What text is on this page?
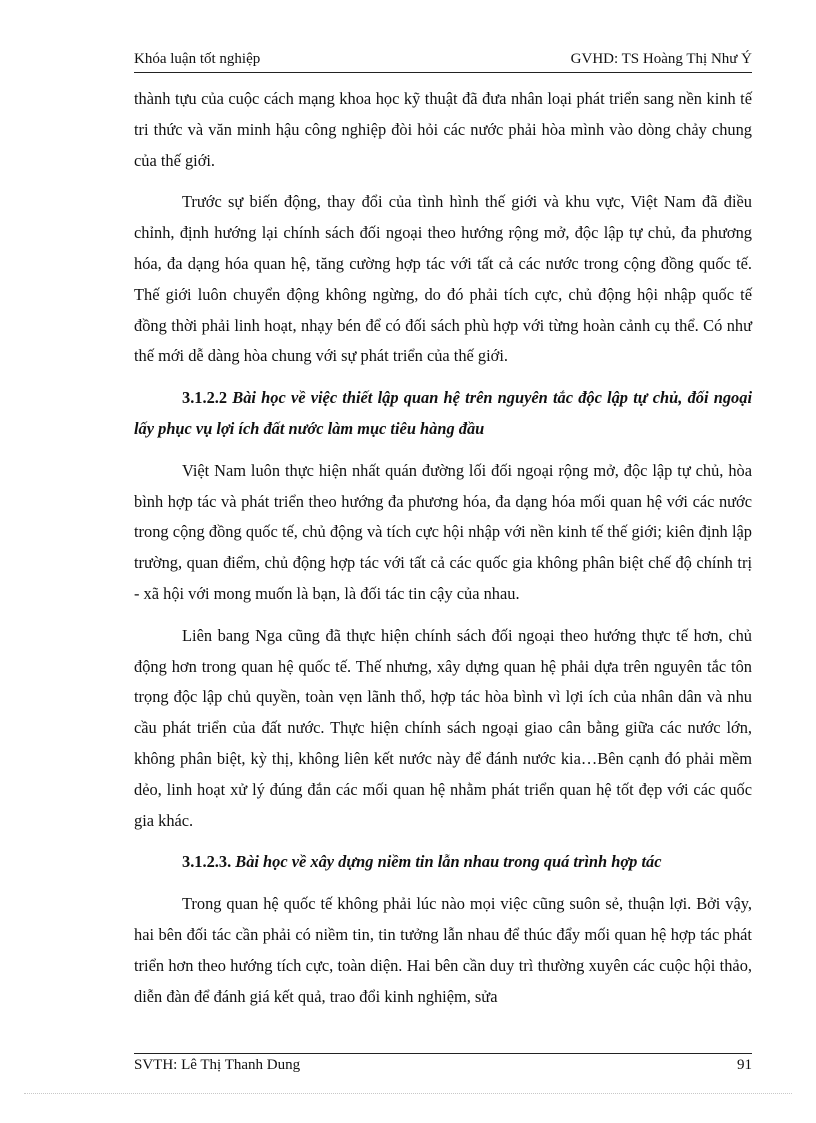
Khóa luận tốt nghiệp	GVHD: TS Hoàng Thị Như Ý

thành tựu của cuộc cách mạng khoa học kỹ thuật đã đưa nhân loại phát triển sang nền kinh tế tri thức và văn minh hậu công nghiệp đòi hỏi các nước phải hòa mình vào dòng chảy chung của thế giới.

Trước sự biến động, thay đổi của tình hình thế giới và khu vực, Việt Nam đã điều chỉnh, định hướng lại chính sách đối ngoại theo hướng rộng mở, độc lập tự chủ, đa phương hóa, đa dạng hóa quan hệ, tăng cường hợp tác với tất cả các nước trong cộng đồng quốc tế. Thế giới luôn chuyển động không ngừng, do đó phải tích cực, chủ động hội nhập quốc tế đồng thời phải linh hoạt, nhạy bén để có đối sách phù hợp với từng hoàn cảnh cụ thể. Có như thế mới dễ dàng hòa chung với sự phát triển của thế giới.

3.1.2.2 Bài học về việc thiết lập quan hệ trên nguyên tắc độc lập tự chủ, đối ngoại lấy phục vụ lợi ích đất nước làm mục tiêu hàng đầu

Việt Nam luôn thực hiện nhất quán đường lối đối ngoại rộng mở, độc lập tự chủ, hòa bình hợp tác và phát triển theo hướng đa phương hóa, đa dạng hóa mối quan hệ với các nước trong cộng đồng quốc tế, chủ động và tích cực hội nhập với nền kinh tế thế giới; kiên định lập trường, quan điểm, chủ động hợp tác với tất cả các quốc gia không phân biệt chế độ chính trị - xã hội với mong muốn là bạn, là đối tác tin cậy của nhau.

Liên bang Nga cũng đã thực hiện chính sách đối ngoại theo hướng thực tế hơn, chủ động hơn trong quan hệ quốc tế. Thế nhưng, xây dựng quan hệ phải dựa trên nguyên tắc tôn trọng độc lập chủ quyền, toàn vẹn lãnh thổ, hợp tác hòa bình vì lợi ích của nhân dân và nhu cầu phát triển của đất nước. Thực hiện chính sách ngoại giao cân bằng giữa các nước lớn, không phân biệt, kỳ thị, không liên kết nước này để đánh nước kia…Bên cạnh đó phải mềm dẻo, linh hoạt xử lý đúng đắn các mối quan hệ nhằm phát triển quan hệ tốt đẹp với các quốc gia khác.

3.1.2.3. Bài học về xây dựng niềm tin lẫn nhau trong quá trình hợp tác

Trong quan hệ quốc tế không phải lúc nào mọi việc cũng suôn sẻ, thuận lợi. Bởi vậy, hai bên đối tác cần phải có niềm tin, tin tưởng lẫn nhau để thúc đẩy mối quan hệ hợp tác phát triển hơn theo hướng tích cực, toàn diện. Hai bên cần duy trì thường xuyên các cuộc hội thảo, diễn đàn để đánh giá kết quả, trao đổi kinh nghiệm, sửa

SVTH: Lê Thị Thanh Dung	91
